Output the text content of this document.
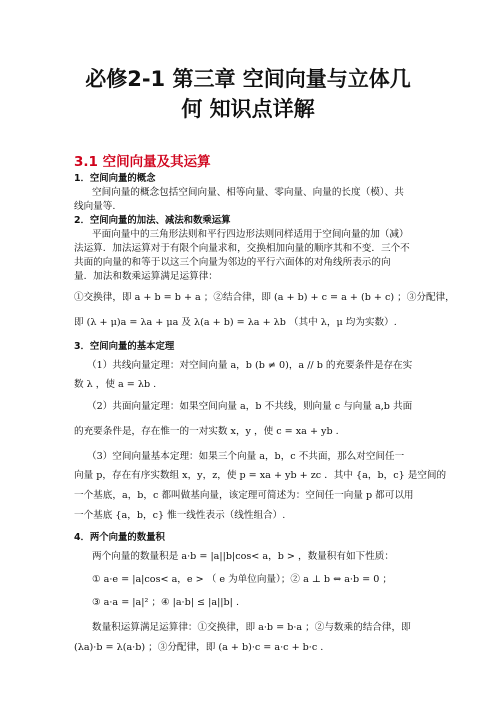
必修2-1 第三章 空间向量与立体几
何 知识点详解
3.1 空间向量及其运算
1．空间向量的概念
空间向量的概念包括空间向量、相等向量、零向量、向量的长度（模）、共
线向量等.
2．空间向量的加法、减法和数乘运算
平面向量中的三角形法则和平行四边形法则同样适用于空间向量的加（减）
法运算．加法运算对于有限个向量求和，交换相加向量的顺序其和不变．三个不
共面的向量的和等于以这三个向量为邻边的平行六面体的对角线所表示的向
量．加法和数乘运算满足运算律：
①交换律，即 a + b = b + a ；②结合律，即 (a + b) + c = a + (b + c) ；③分配律，
即 (λ + μ)a = λa + μa 及 λ(a + b) = λa + λb （其中 λ，μ 均为实数）.
3．空间向量的基本定理
（1）共线向量定理：对空间向量 a，b (b ≠ 0)，a // b 的充要条件是存在实
数 λ ，使 a = λb .
（2）共面向量定理：如果空间向量 a，b 不共线，则向量 c 与向量 a,b 共面
的充要条件是，存在惟一的一对实数 x，y ，使 c = xa + yb .
（3）空间向量基本定理：如果三个向量 a，b，c 不共面，那么对空间任一
向量 p，存在有序实数组 x，y，z，使 p = xa + yb + zc ．其中 {a，b，c} 是空间的
一个基底，a，b，c 都叫做基向量，该定理可简述为：空间任一向量 p 都可以用
一个基底 {a，b，c} 惟一线性表示（线性组合）.
4．两个向量的数量积
两个向量的数量积是 a·b = |a||b|cos< a，b > ，数量积有如下性质：
① a·e = |a|cos< a，e > （ e 为单位向量）；② a ⊥ b ⇔ a·b = 0 ；
③ a·a = |a|² ；④ |a·b| ≤ |a||b| .
数量积运算满足运算律：①交换律，即 a·b = b·a ；②与数乘的结合律，即
(λa)·b = λ(a·b) ；③分配律，即 (a + b)·c = a·c + b·c .
